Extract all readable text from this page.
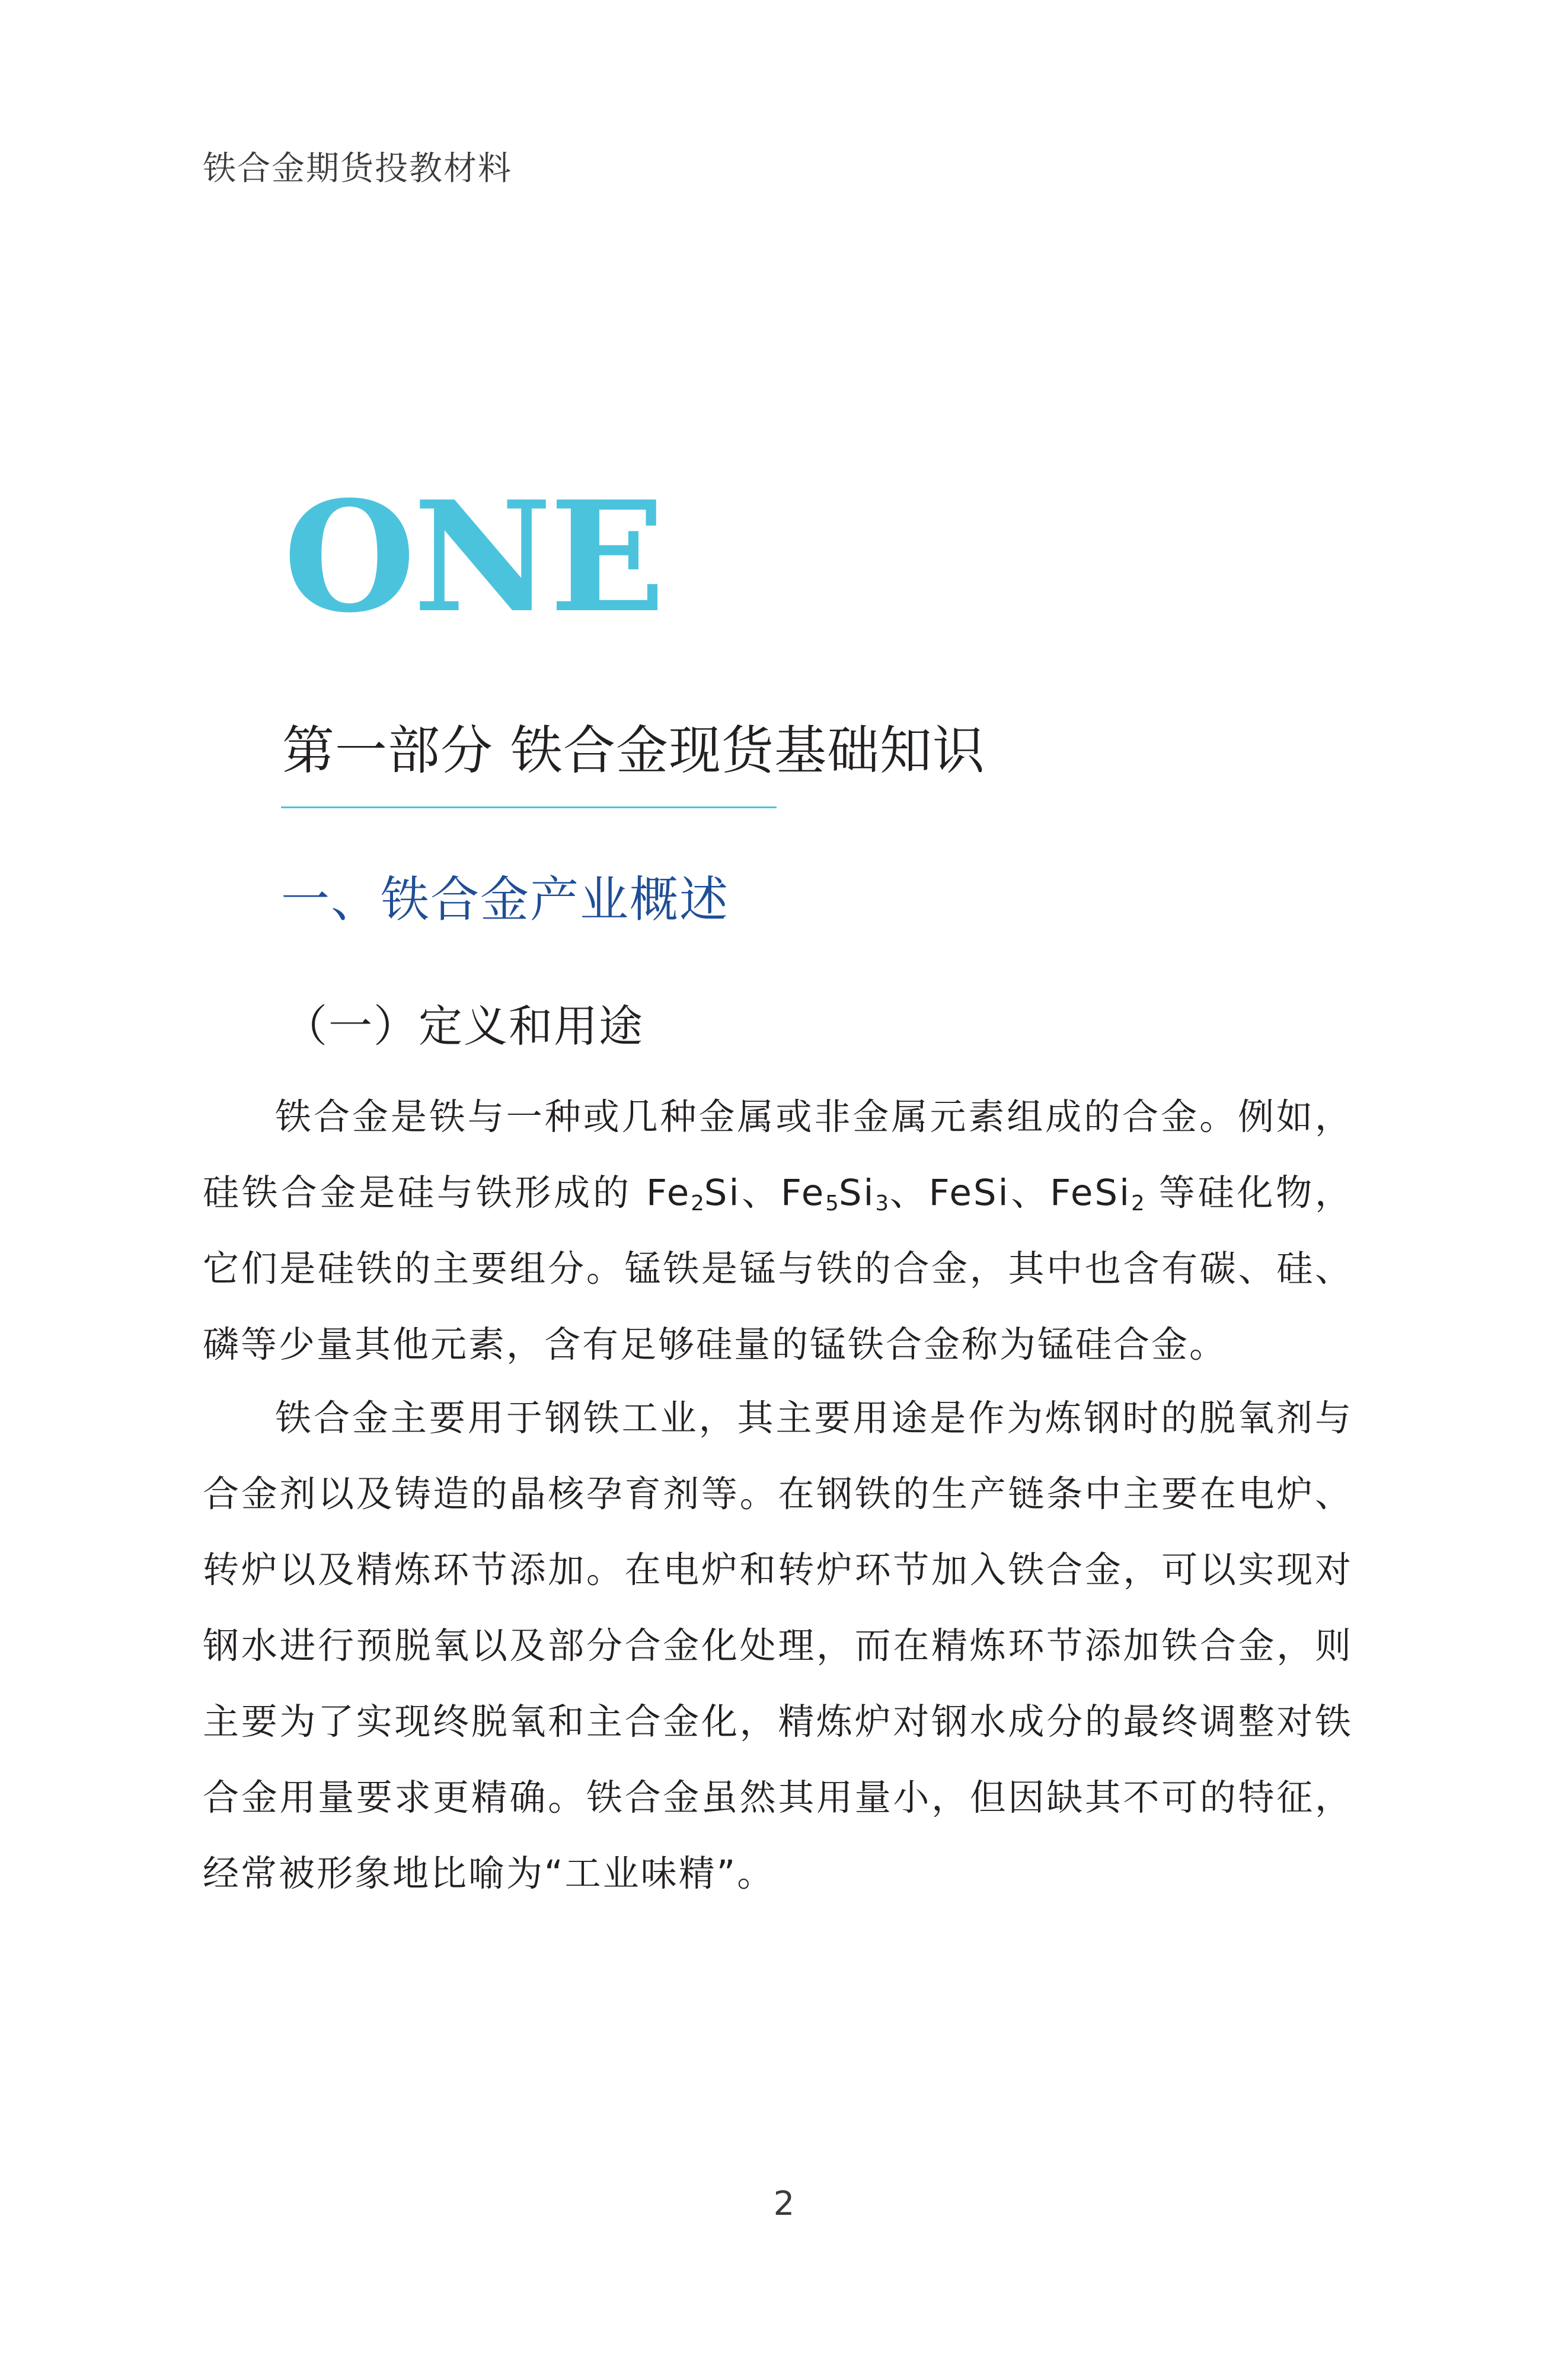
铁合金期货投教材料
ONE
第一部分 铁合金现货基础知识
一、铁合金产业概述
（一）定义和用途

铁合金是铁与一种或几种金属或非金属元素组成的合金。例如，硅铁合金是硅与铁形成的 $Fe_2Si$、$Fe_5Si_3$、FeSi、FeSi$_2$ 等硅化物，它们是硅铁的主要组分。锰铁是锰与铁的合金，其中也含有碳、硅、磷等少量其他元素，含有足够硅量的锰铁合金称为锰硅合金。

铁合金主要用于钢铁工业，其主要用途是作为炼钢时的脱氧剂与合金剂以及铸造的晶核孕育剂等。在钢铁的生产链条中主要在电炉、转炉以及精炼环节添加。在电炉和转炉环节加入铁合金，可以实现对钢水进行预脱氧以及部分合金化处理，而在精炼环节添加铁合金，则主要为了实现终脱氧和主合金化，精炼炉对钢水成分的最终调整对铁合金用量要求更精确。铁合金虽然其用量小，但因缺其不可的特征，经常被形象地比喻为“工业味精”。

2
